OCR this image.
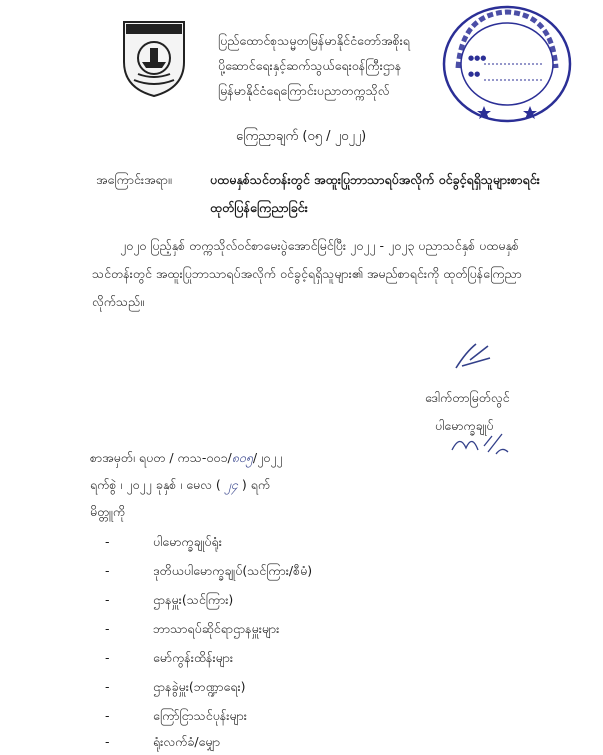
ပြည်ထောင်စုသမ္မတမြန်မာနိုင်ငံတော်အစိုးရ
ပို့ဆောင်ရေးနှင့်ဆက်သွယ်ရေးဝန်ကြီးဌာန
မြန်မာနိုင်ငံရေကြောင်းပညာတက္ကသိုလ်
●●●
●●
ကြေညာချက် (၀၅ / ၂၀၂၂)
အကြောင်းအရာ။	ပထမနှစ်သင်တန်းတွင် အထူးပြုဘာသာရပ်အလိုက် ဝင်ခွင့်ရရှိသူများစာရင်း
ထုတ်ပြန်ကြေညာခြင်း
၂၀၂၀ ပြည့်နှစ် တက္ကသိုလ်ဝင်စာမေးပွဲအောင်မြင်ပြီး ၂၀၂၂ - ၂၀၂၃ ပညာသင်နှစ် ပထမနှစ်
သင်တန်းတွင် အထူးပြုဘာသာရပ်အလိုက် ဝင်ခွင့်ရရှိသူများ၏ အမည်စာရင်းကို ထုတ်ပြန်ကြေညာ
လိုက်သည်။
ဒေါက်တာမြတ်လွင်
ပါမောက္ခချုပ်
စာအမှတ်၊ ရပတ / ကသ-၀၀၁/၈၀၅/၂၀၂၂
ရက်စွဲ ၊ ၂၀၂၂ ခုနှစ် ၊ မေလ ( ၂၄ ) ရက်
မိတ္တူကို
-	ပါမောက္ခချုပ်ရုံး
-	ဒုတိယပါမောက္ခချုပ်(သင်ကြား/စီမံ)
-	ဌာနမှူး(သင်ကြား)
-	ဘာသာရပ်ဆိုင်ရာဌာနမှူးများ
-	မော်ကွန်းထိန်းများ
-	ဌာနခွဲမှူး(ဘဏ္ဍာရေး)
-	ကြော်ငြာသင်ပုန်းများ
-	ရုံးလက်ခံ/မျှော
